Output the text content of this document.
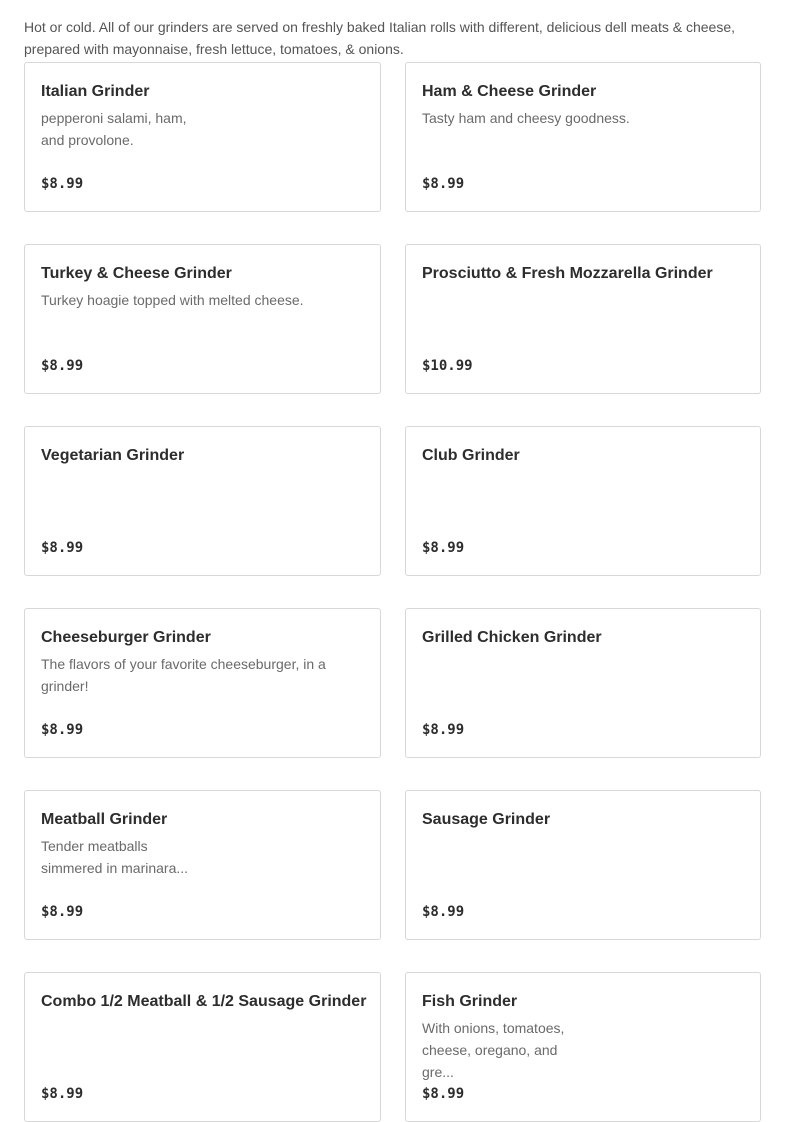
Hot or cold. All of our grinders are served on freshly baked Italian rolls with different, delicious dell meats & cheese, prepared with mayonnaise, fresh lettuce, tomatoes, & onions.

Italian Grinder
pepperoni salami, ham, and provolone.
$8.99
Ham & Cheese Grinder
Tasty ham and cheesy goodness.
$8.99
Turkey & Cheese Grinder
Turkey hoagie topped with melted cheese.
$8.99
Prosciutto & Fresh Mozzarella Grinder
$10.99
Vegetarian Grinder
$8.99
Club Grinder
$8.99
Cheeseburger Grinder
The flavors of your favorite cheeseburger, in a grinder!
$8.99
Grilled Chicken Grinder
$8.99
Meatball Grinder
Tender meatballs simmered in marinara...
$8.99
Sausage Grinder
$8.99
Combo 1/2 Meatball & 1/2 Sausage Grinder
$8.99
Fish Grinder
With onions, tomatoes, cheese, oregano, and gre...
$8.99
